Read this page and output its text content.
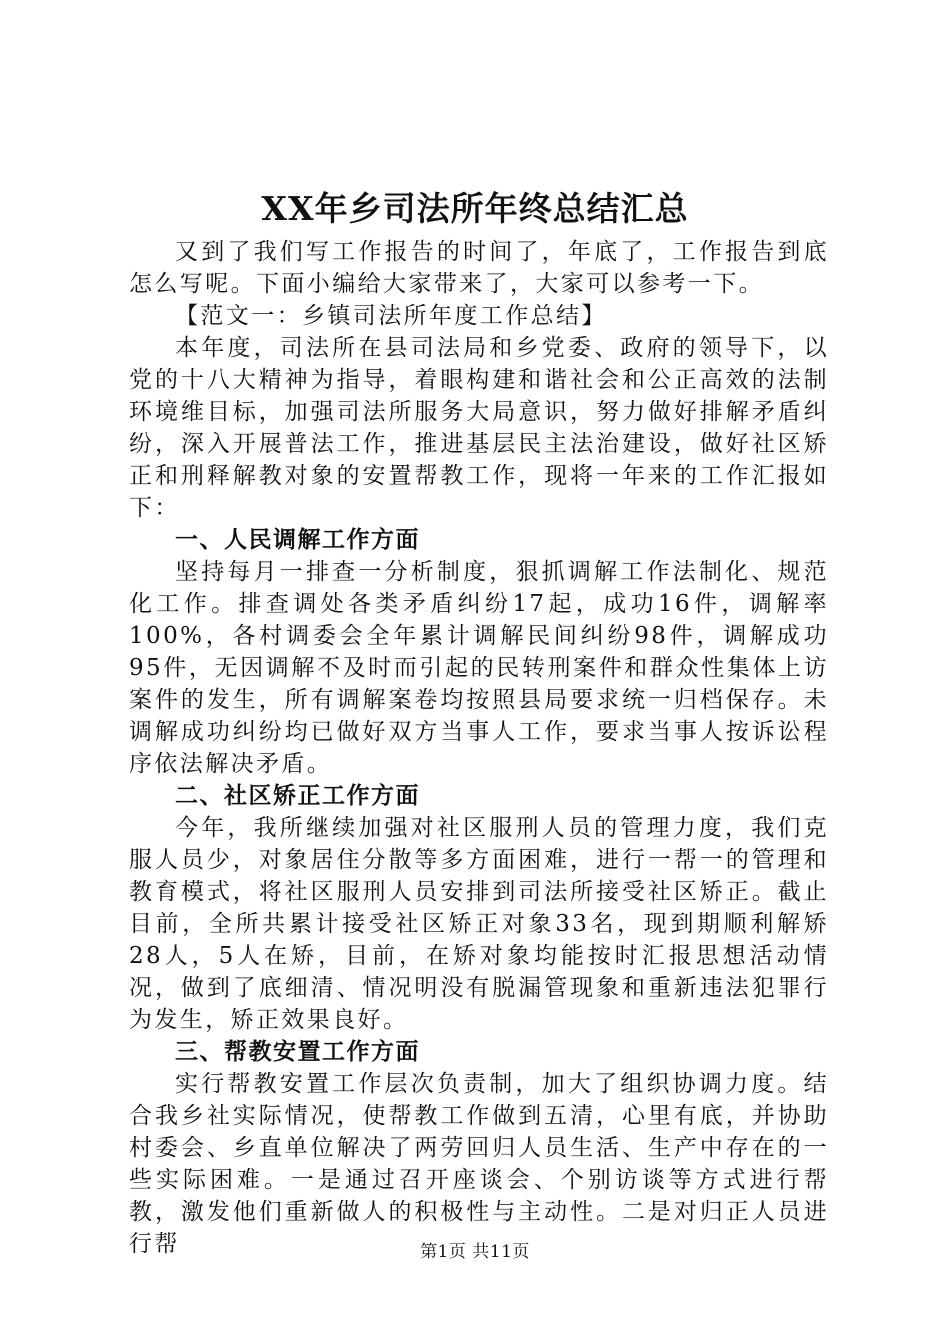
XX年乡司法所年终总结汇总

又到了我们写工作报告的时间了，年底了，工作报告到底怎么写呢。下面小编给大家带来了，大家可以参考一下。

【范文一：乡镇司法所年度工作总结】

本年度，司法所在县司法局和乡党委、政府的领导下，以党的十八大精神为指导，着眼构建和谐社会和公正高效的法制环境维目标，加强司法所服务大局意识，努力做好排解矛盾纠纷，深入开展普法工作，推进基层民主法治建设，做好社区矫正和刑释解教对象的安置帮教工作，现将一年来的工作汇报如下：

一、人民调解工作方面

坚持每月一排查一分析制度，狠抓调解工作法制化、规范化工作。排查调处各类矛盾纠纷17起，成功16件，调解率100%，各村调委会全年累计调解民间纠纷98件，调解成功95件，无因调解不及时而引起的民转刑案件和群众性集体上访案件的发生，所有调解案卷均按照县局要求统一归档保存。未调解成功纠纷均已做好双方当事人工作，要求当事人按诉讼程序依法解决矛盾。

二、社区矫正工作方面

今年，我所继续加强对社区服刑人员的管理力度，我们克服人员少，对象居住分散等多方面困难，进行一帮一的管理和教育模式，将社区服刑人员安排到司法所接受社区矫正。截止目前，全所共累计接受社区矫正对象33名，现到期顺利解矫28人，5人在矫，目前，在矫对象均能按时汇报思想活动情况，做到了底细清、情况明没有脱漏管现象和重新违法犯罪行为发生，矫正效果良好。

三、帮教安置工作方面

实行帮教安置工作层次负责制，加大了组织协调力度。结合我乡社实际情况，使帮教工作做到五清，心里有底，并协助村委会、乡直单位解决了两劳回归人员生活、生产中存在的一些实际困难。一是通过召开座谈会、个别访谈等方式进行帮教，激发他们重新做人的积极性与主动性。二是对归正人员进行帮	第1页 共11页
